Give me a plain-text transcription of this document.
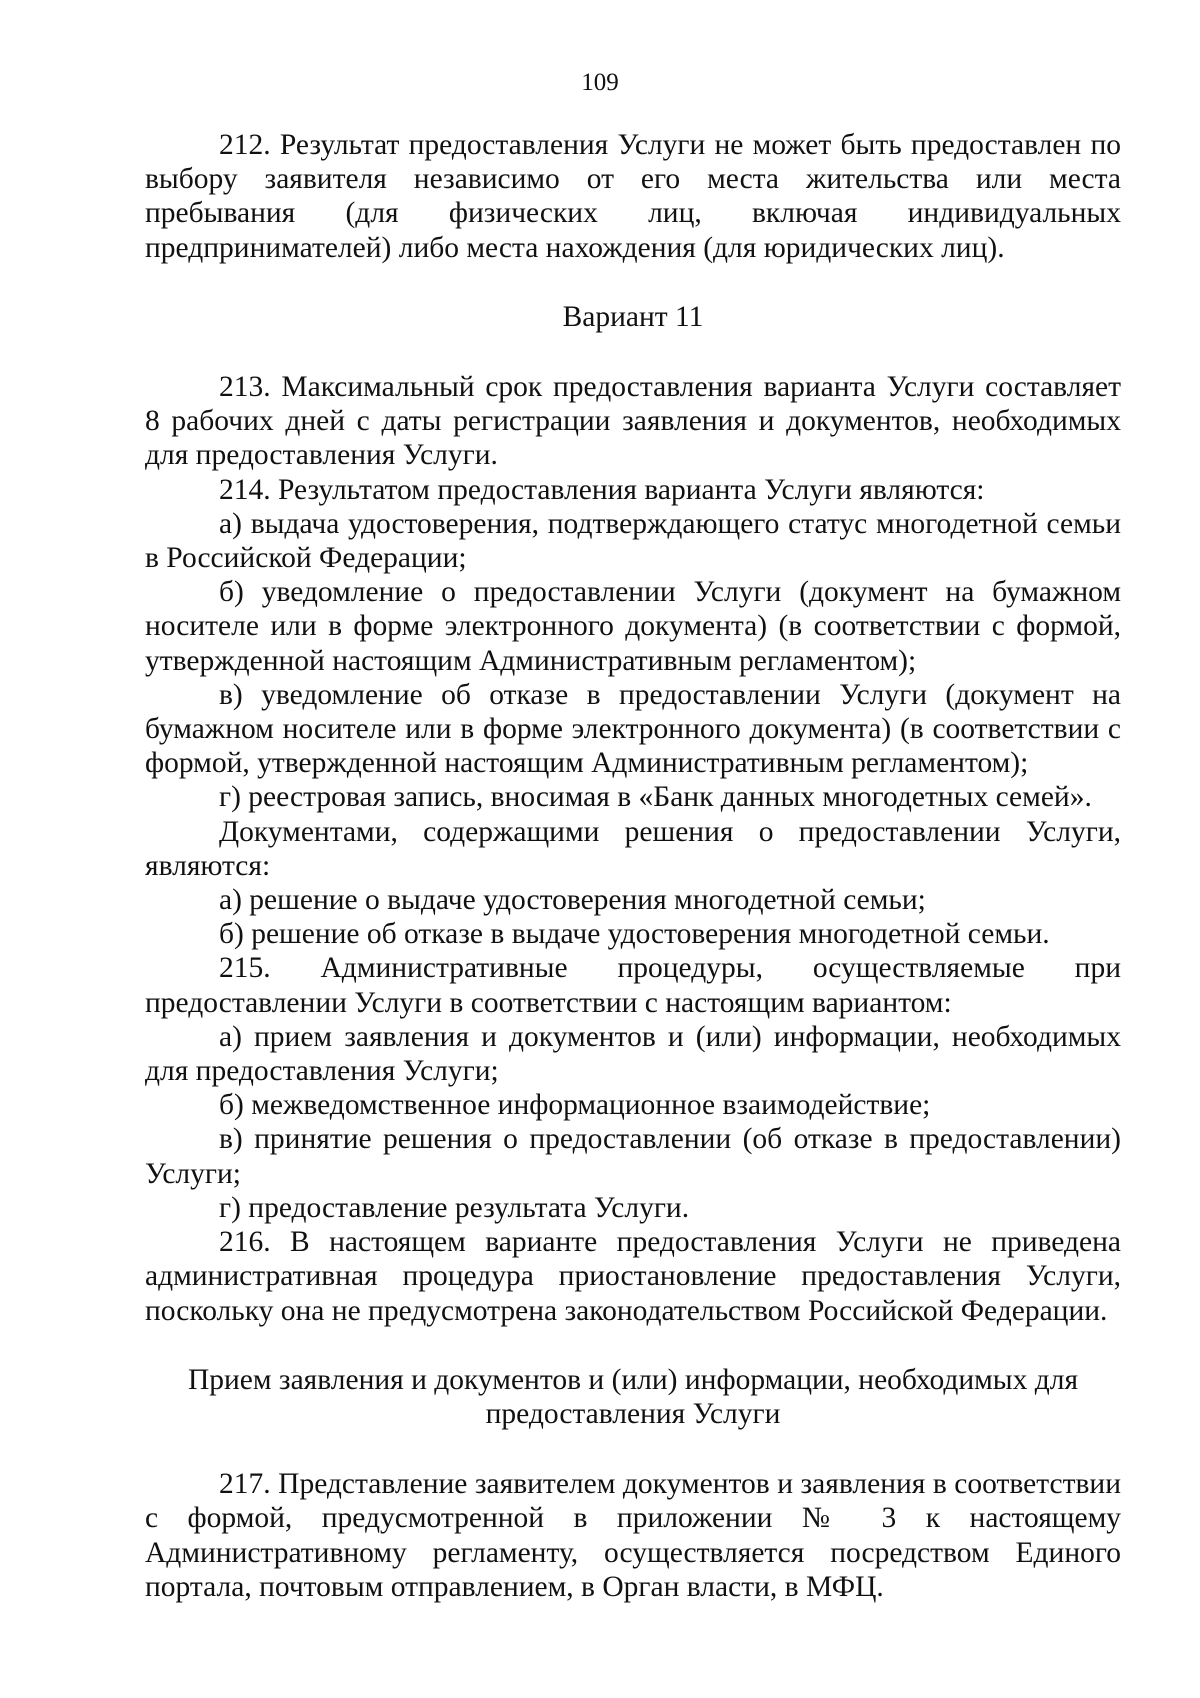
109

212. Результат предоставления Услуги не может быть предоставлен по выбору заявителя независимо от его места жительства или места пребывания (для физических лиц, включая индивидуальных предпринимателей) либо места нахождения (для юридических лиц).

Вариант 11

213. Максимальный срок предоставления варианта Услуги составляет 8 рабочих дней с даты регистрации заявления и документов, необходимых для предоставления Услуги.

214. Результатом предоставления варианта Услуги являются:

а) выдача удостоверения, подтверждающего статус многодетной семьи в Российской Федерации;

б) уведомление о предоставлении Услуги (документ на бумажном носителе или в форме электронного документа) (в соответствии с формой, утвержденной настоящим Административным регламентом);

в) уведомление об отказе в предоставлении Услуги (документ на бумажном носителе или в форме электронного документа) (в соответствии с формой, утвержденной настоящим Административным регламентом);

г) реестровая запись, вносимая в «Банк данных многодетных семей».

Документами, содержащими решения о предоставлении Услуги, являются:

а) решение о выдаче удостоверения многодетной семьи;

б) решение об отказе в выдаче удостоверения многодетной семьи.

215. Административные процедуры, осуществляемые при предоставлении Услуги в соответствии с настоящим вариантом:

а) прием заявления и документов и (или) информации, необходимых для предоставления Услуги;

б) межведомственное информационное взаимодействие;

в) принятие решения о предоставлении (об отказе в предоставлении) Услуги;

г) предоставление результата Услуги.

216. В настоящем варианте предоставления Услуги не приведена административная процедура приостановление предоставления Услуги, поскольку она не предусмотрена законодательством Российской Федерации.

Прием заявления и документов и (или) информации, необходимых для предоставления Услуги

217. Представление заявителем документов и заявления в соответствии с формой, предусмотренной в приложении № 3 к настоящему Административному регламенту, осуществляется посредством Единого портала, почтовым отправлением, в Орган власти, в МФЦ.
